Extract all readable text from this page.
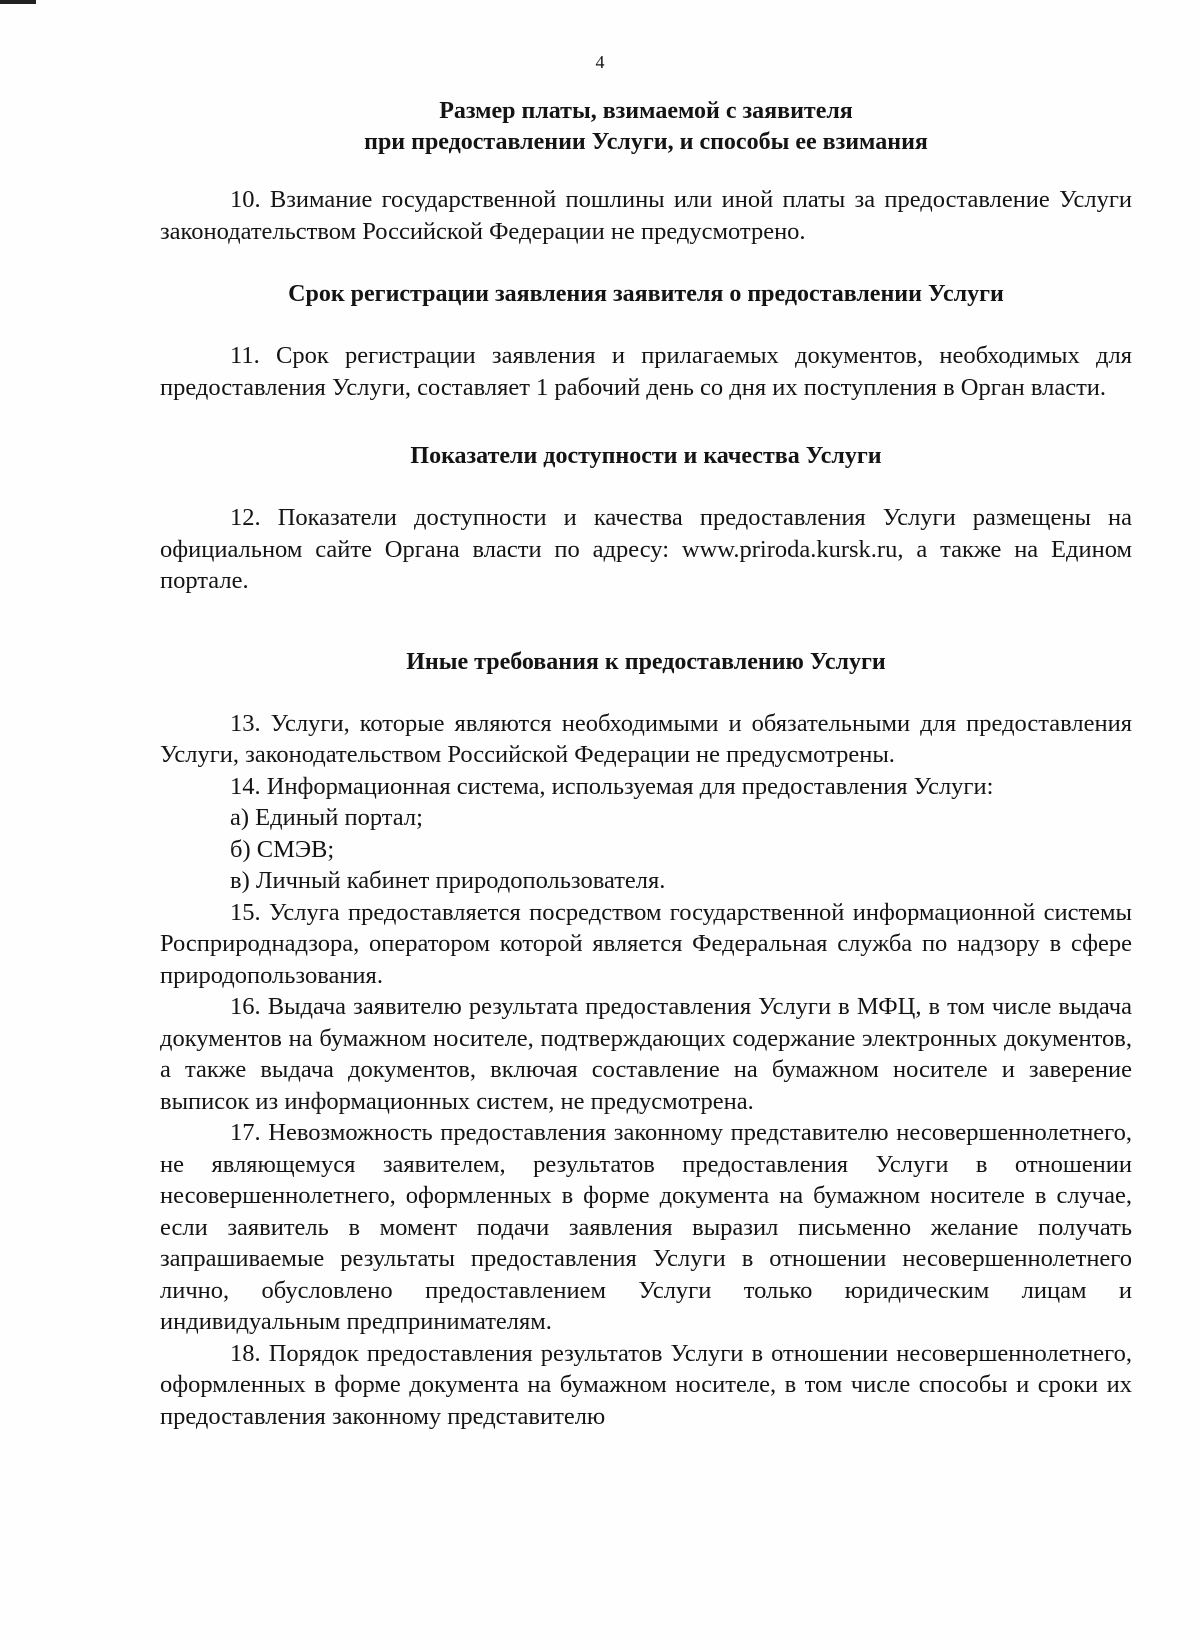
4

Размер платы, взимаемой с заявителя
при предоставлении Услуги, и способы ее взимания

10. Взимание государственной пошлины или иной платы за предоставление Услуги законодательством Российской Федерации не предусмотрено.

Срок регистрации заявления заявителя о предоставлении Услуги

11. Срок регистрации заявления и прилагаемых документов, необходимых для предоставления Услуги, составляет 1 рабочий день со дня их поступления в Орган власти.

Показатели доступности и качества Услуги

12. Показатели доступности и качества предоставления Услуги размещены на официальном сайте Органа власти по адресу: www.priroda.kursk.ru, а также на Едином портале.

Иные требования к предоставлению Услуги

13. Услуги, которые являются необходимыми и обязательными для предоставления Услуги, законодательством Российской Федерации не предусмотрены.

14. Информационная система, используемая для предоставления Услуги:

а) Единый портал;

б) СМЭВ;

в) Личный кабинет природопользователя.

15. Услуга предоставляется посредством государственной информационной системы Росприроднадзора, оператором которой является Федеральная служба по надзору в сфере природопользования.

16. Выдача заявителю результата предоставления Услуги в МФЦ, в том числе выдача документов на бумажном носителе, подтверждающих содержание электронных документов, а также выдача документов, включая составление на бумажном носителе и заверение выписок из информационных систем, не предусмотрена.

17. Невозможность предоставления законному представителю несовершеннолетнего, не являющемуся заявителем, результатов предоставления Услуги в отношении несовершеннолетнего, оформленных в форме документа на бумажном носителе в случае, если заявитель в момент подачи заявления выразил письменно желание получать запрашиваемые результаты предоставления Услуги в отношении несовершеннолетнего лично, обусловлено предоставлением Услуги только юридическим лицам и индивидуальным предпринимателям.

18. Порядок предоставления результатов Услуги в отношении несовершеннолетнего, оформленных в форме документа на бумажном носителе, в том числе способы и сроки их предоставления законному представителю
